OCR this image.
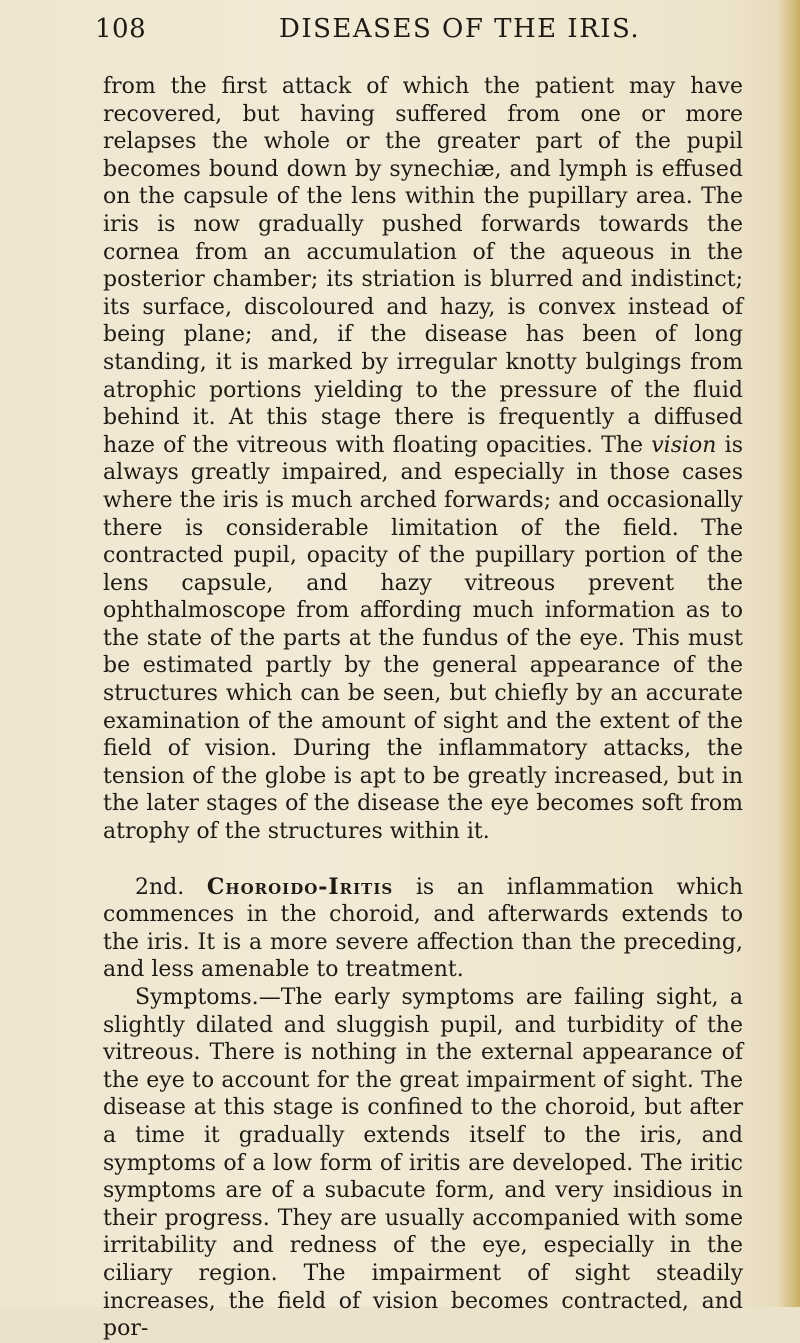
108	DISEASES OF THE IRIS.

from the first attack of which the patient may have recovered, but having suffered from one or more relapses the whole or the greater part of the pupil becomes bound down by synechiæ, and lymph is effused on the capsule of the lens within the pupillary area. The iris is now gradually pushed forwards towards the cornea from an accumulation of the aqueous in the posterior chamber; its striation is blurred and indistinct; its surface, discoloured and hazy, is convex instead of being plane; and, if the disease has been of long standing, it is marked by irregular knotty bulgings from atrophic portions yielding to the pressure of the fluid behind it. At this stage there is frequently a diffused haze of the vitreous with floating opacities. The vision is always greatly impaired, and especially in those cases where the iris is much arched forwards; and occasionally there is considerable limitation of the field. The contracted pupil, opacity of the pupillary portion of the lens capsule, and hazy vitreous prevent the ophthalmoscope from affording much information as to the state of the parts at the fundus of the eye. This must be estimated partly by the general appearance of the structures which can be seen, but chiefly by an accurate examination of the amount of sight and the extent of the field of vision. During the inflammatory attacks, the tension of the globe is apt to be greatly increased, but in the later stages of the disease the eye becomes soft from atrophy of the structures within it.

2nd. Choroido-Iritis is an inflammation which commences in the choroid, and afterwards extends to the iris. It is a more severe affection than the preceding, and less amenable to treatment.

Symptoms.—The early symptoms are failing sight, a slightly dilated and sluggish pupil, and turbidity of the vitreous. There is nothing in the external appearance of the eye to account for the great impairment of sight. The disease at this stage is confined to the choroid, but after a time it gradually extends itself to the iris, and symptoms of a low form of iritis are developed. The iritic symptoms are of a subacute form, and very insidious in their progress. They are usually accompanied with some irritability and redness of the eye, especially in the ciliary region. The impairment of sight steadily increases, the field of vision becomes contracted, and por-
